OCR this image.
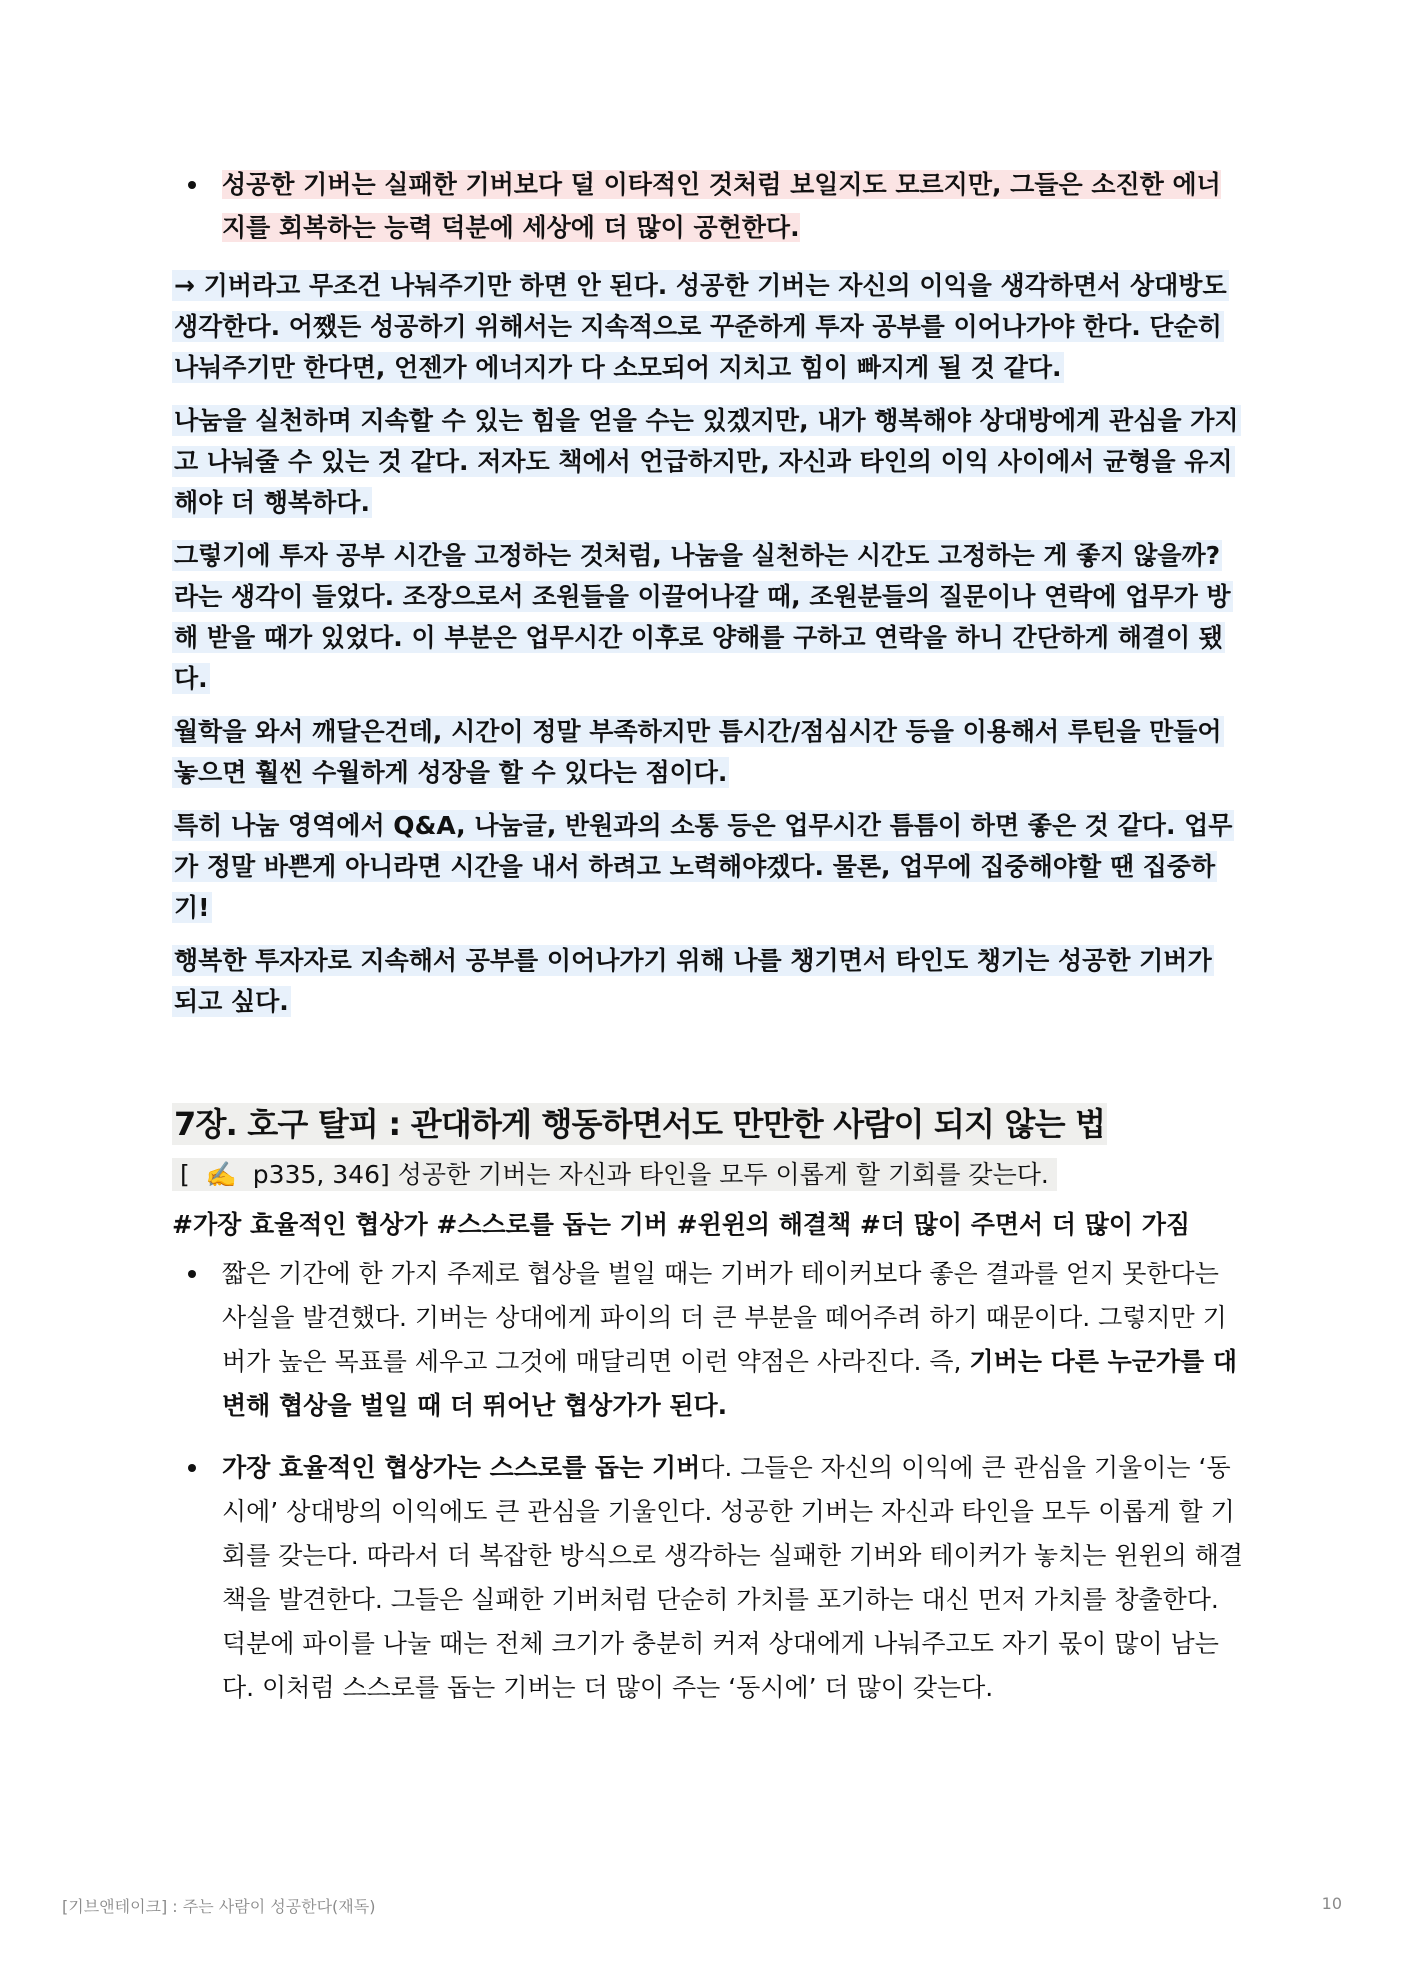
성공한 기버는 실패한 기버보다 덜 이타적인 것처럼 보일지도 모르지만, 그들은 소진한 에너지를 회복하는 능력 덕분에 세상에 더 많이 공헌한다.

→ 기버라고 무조건 나눠주기만 하면 안 된다. 성공한 기버는 자신의 이익을 생각하면서 상대방도 생각한다. 어쨌든 성공하기 위해서는 지속적으로 꾸준하게 투자 공부를 이어나가야 한다. 단순히 나눠주기만 한다면, 언젠가 에너지가 다 소모되어 지치고 힘이 빠지게 될 것 같다.

나눔을 실천하며 지속할 수 있는 힘을 얻을 수는 있겠지만, 내가 행복해야 상대방에게 관심을 가지고 나눠줄 수 있는 것 같다. 저자도 책에서 언급하지만, 자신과 타인의 이익 사이에서 균형을 유지해야 더 행복하다.

그렇기에 투자 공부 시간을 고정하는 것처럼, 나눔을 실천하는 시간도 고정하는 게 좋지 않을까?라는 생각이 들었다. 조장으로서 조원들을 이끌어나갈 때, 조원분들의 질문이나 연락에 업무가 방해 받을 때가 있었다. 이 부분은 업무시간 이후로 양해를 구하고 연락을 하니 간단하게 해결이 됐다.

월학을 와서 깨달은건데, 시간이 정말 부족하지만 틈시간/점심시간 등을 이용해서 루틴을 만들어 놓으면 훨씬 수월하게 성장을 할 수 있다는 점이다.

특히 나눔 영역에서 Q&A, 나눔글, 반원과의 소통 등은 업무시간 틈틈이 하면 좋은 것 같다. 업무가 정말 바쁜게 아니라면 시간을 내서 하려고 노력해야겠다. 물론, 업무에 집중해야할 땐 집중하기!

행복한 투자자로 지속해서 공부를 이어나가기 위해 나를 챙기면서 타인도 챙기는 성공한 기버가 되고 싶다.

7장. 호구 탈피 : 관대하게 행동하면서도 만만한 사람이 되지 않는 법

[ ✍️ p335, 346] 성공한 기버는 자신과 타인을 모두 이롭게 할 기회를 갖는다.

#가장 효율적인 협상가 #스스로를 돕는 기버 #윈윈의 해결책 #더 많이 주면서 더 많이 가짐

짧은 기간에 한 가지 주제로 협상을 벌일 때는 기버가 테이커보다 좋은 결과를 얻지 못한다는 사실을 발견했다. 기버는 상대에게 파이의 더 큰 부분을 떼어주려 하기 때문이다. 그렇지만 기버가 높은 목표를 세우고 그것에 매달리면 이런 약점은 사라진다. 즉, 기버는 다른 누군가를 대변해 협상을 벌일 때 더 뛰어난 협상가가 된다.
가장 효율적인 협상가는 스스로를 돕는 기버다. 그들은 자신의 이익에 큰 관심을 기울이는 ‘동시에’ 상대방의 이익에도 큰 관심을 기울인다. 성공한 기버는 자신과 타인을 모두 이롭게 할 기회를 갖는다. 따라서 더 복잡한 방식으로 생각하는 실패한 기버와 테이커가 놓치는 윈윈의 해결책을 발견한다. 그들은 실패한 기버처럼 단순히 가치를 포기하는 대신 먼저 가치를 창출한다. 덕분에 파이를 나눌 때는 전체 크기가 충분히 커져 상대에게 나눠주고도 자기 몫이 많이 남는다. 이처럼 스스로를 돕는 기버는 더 많이 주는 ‘동시에’ 더 많이 갖는다.
[기브앤테이크] : 주는 사람이 성공한다(재독)	10
